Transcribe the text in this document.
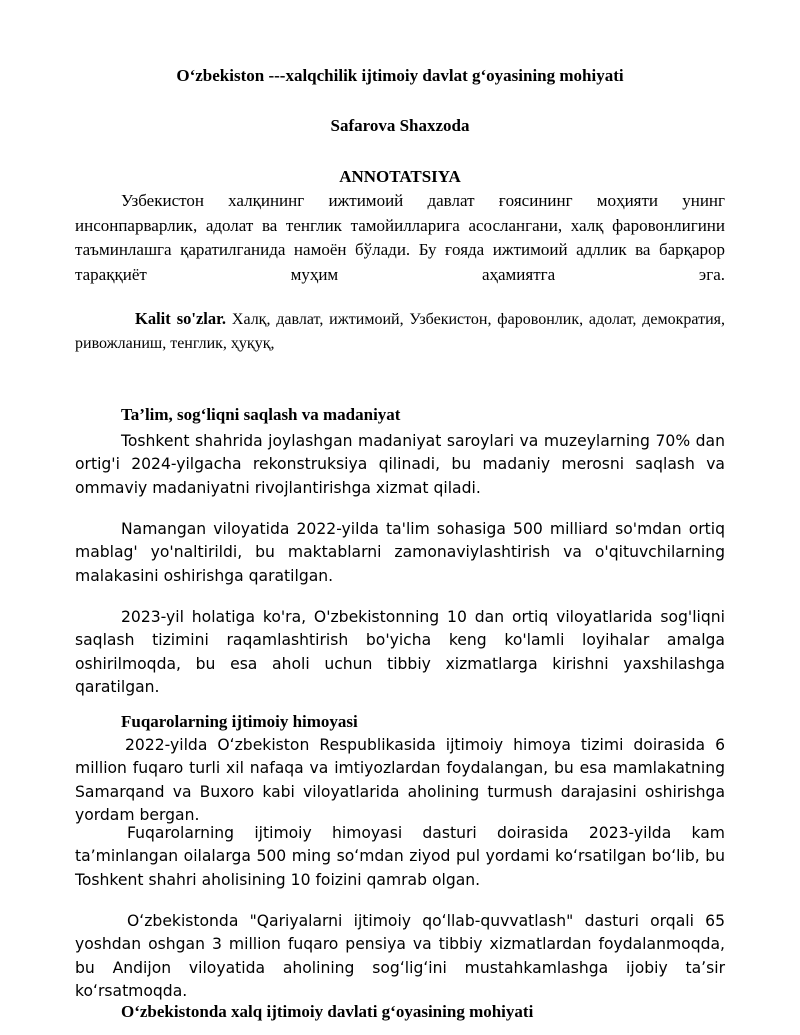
Oʻzbekiston ---xalqchilik ijtimoiy davlat gʻoyasining mohiyati
Safarova Shaxzoda
ANNOTATSIYA
Узбекистон халқининг ижтимоий давлат ғоясининг моҳияти унинг инсонпарварлик, адолат ва тенглик тамойилларига асослангани, халқ фаровонлигини таъминлашга қаратилганида намоён бўлади. Бу ғояда ижтимоий адллик ва барқарор тараққиёт муҳим аҳамиятга эга.
Kalit so'zlar. Халқ, давлат, ижтимоий, Узбекистон, фаровонлик, адолат, демократия, ривожланиш, тенглик, ҳуқуқ,
Ta’lim, sogʻliqni saqlash va madaniyat
Toshkent shahrida joylashgan madaniyat saroylari va muzeylarning 70% dan ortig'i 2024-yilgacha rekonstruksiya qilinadi, bu madaniy merosni saqlash va ommaviy madaniyatni rivojlantirishga xizmat qiladi.
Namangan viloyatida 2022-yilda ta'lim sohasiga 500 milliard so'mdan ortiq mablag' yo'naltirildi, bu maktablarni zamonaviylashtirish va o'qituvchilarning malakasini oshirishga qaratilgan.
2023-yil holatiga ko'ra, O'zbekistonning 10 dan ortiq viloyatlarida sog'liqni saqlash tizimini raqamlashtirish bo'yicha keng ko'lamli loyihalar amalga oshirilmoqda, bu esa aholi uchun tibbiy xizmatlarga kirishni yaxshilashga qaratilgan.
Fuqarolarning ijtimoiy himoyasi
2022-yilda Oʻzbekiston Respublikasida ijtimoiy himoya tizimi doirasida 6 million fuqaro turli xil nafaqa va imtiyozlardan foydalangan, bu esa mamlakatning Samarqand va Buxoro kabi viloyatlarida aholining turmush darajasini oshirishga yordam bergan.
Fuqarolarning ijtimoiy himoyasi dasturi doirasida 2023-yilda kam ta’minlangan oilalarga 500 ming soʻmdan ziyod pul yordami koʻrsatilgan boʻlib, bu Toshkent shahri aholisining 10 foizini qamrab olgan.
Oʻzbekistonda "Qariyalarni ijtimoiy qoʻllab-quvvatlash" dasturi orqali 65 yoshdan oshgan 3 million fuqaro pensiya va tibbiy xizmatlardan foydalanmoqda, bu Andijon viloyatida aholining sogʻligʻini mustahkamlashga ijobiy taʼsir koʻrsatmoqda.
Oʻzbekistonda xalq ijtimoiy davlati gʻoyasining mohiyati
